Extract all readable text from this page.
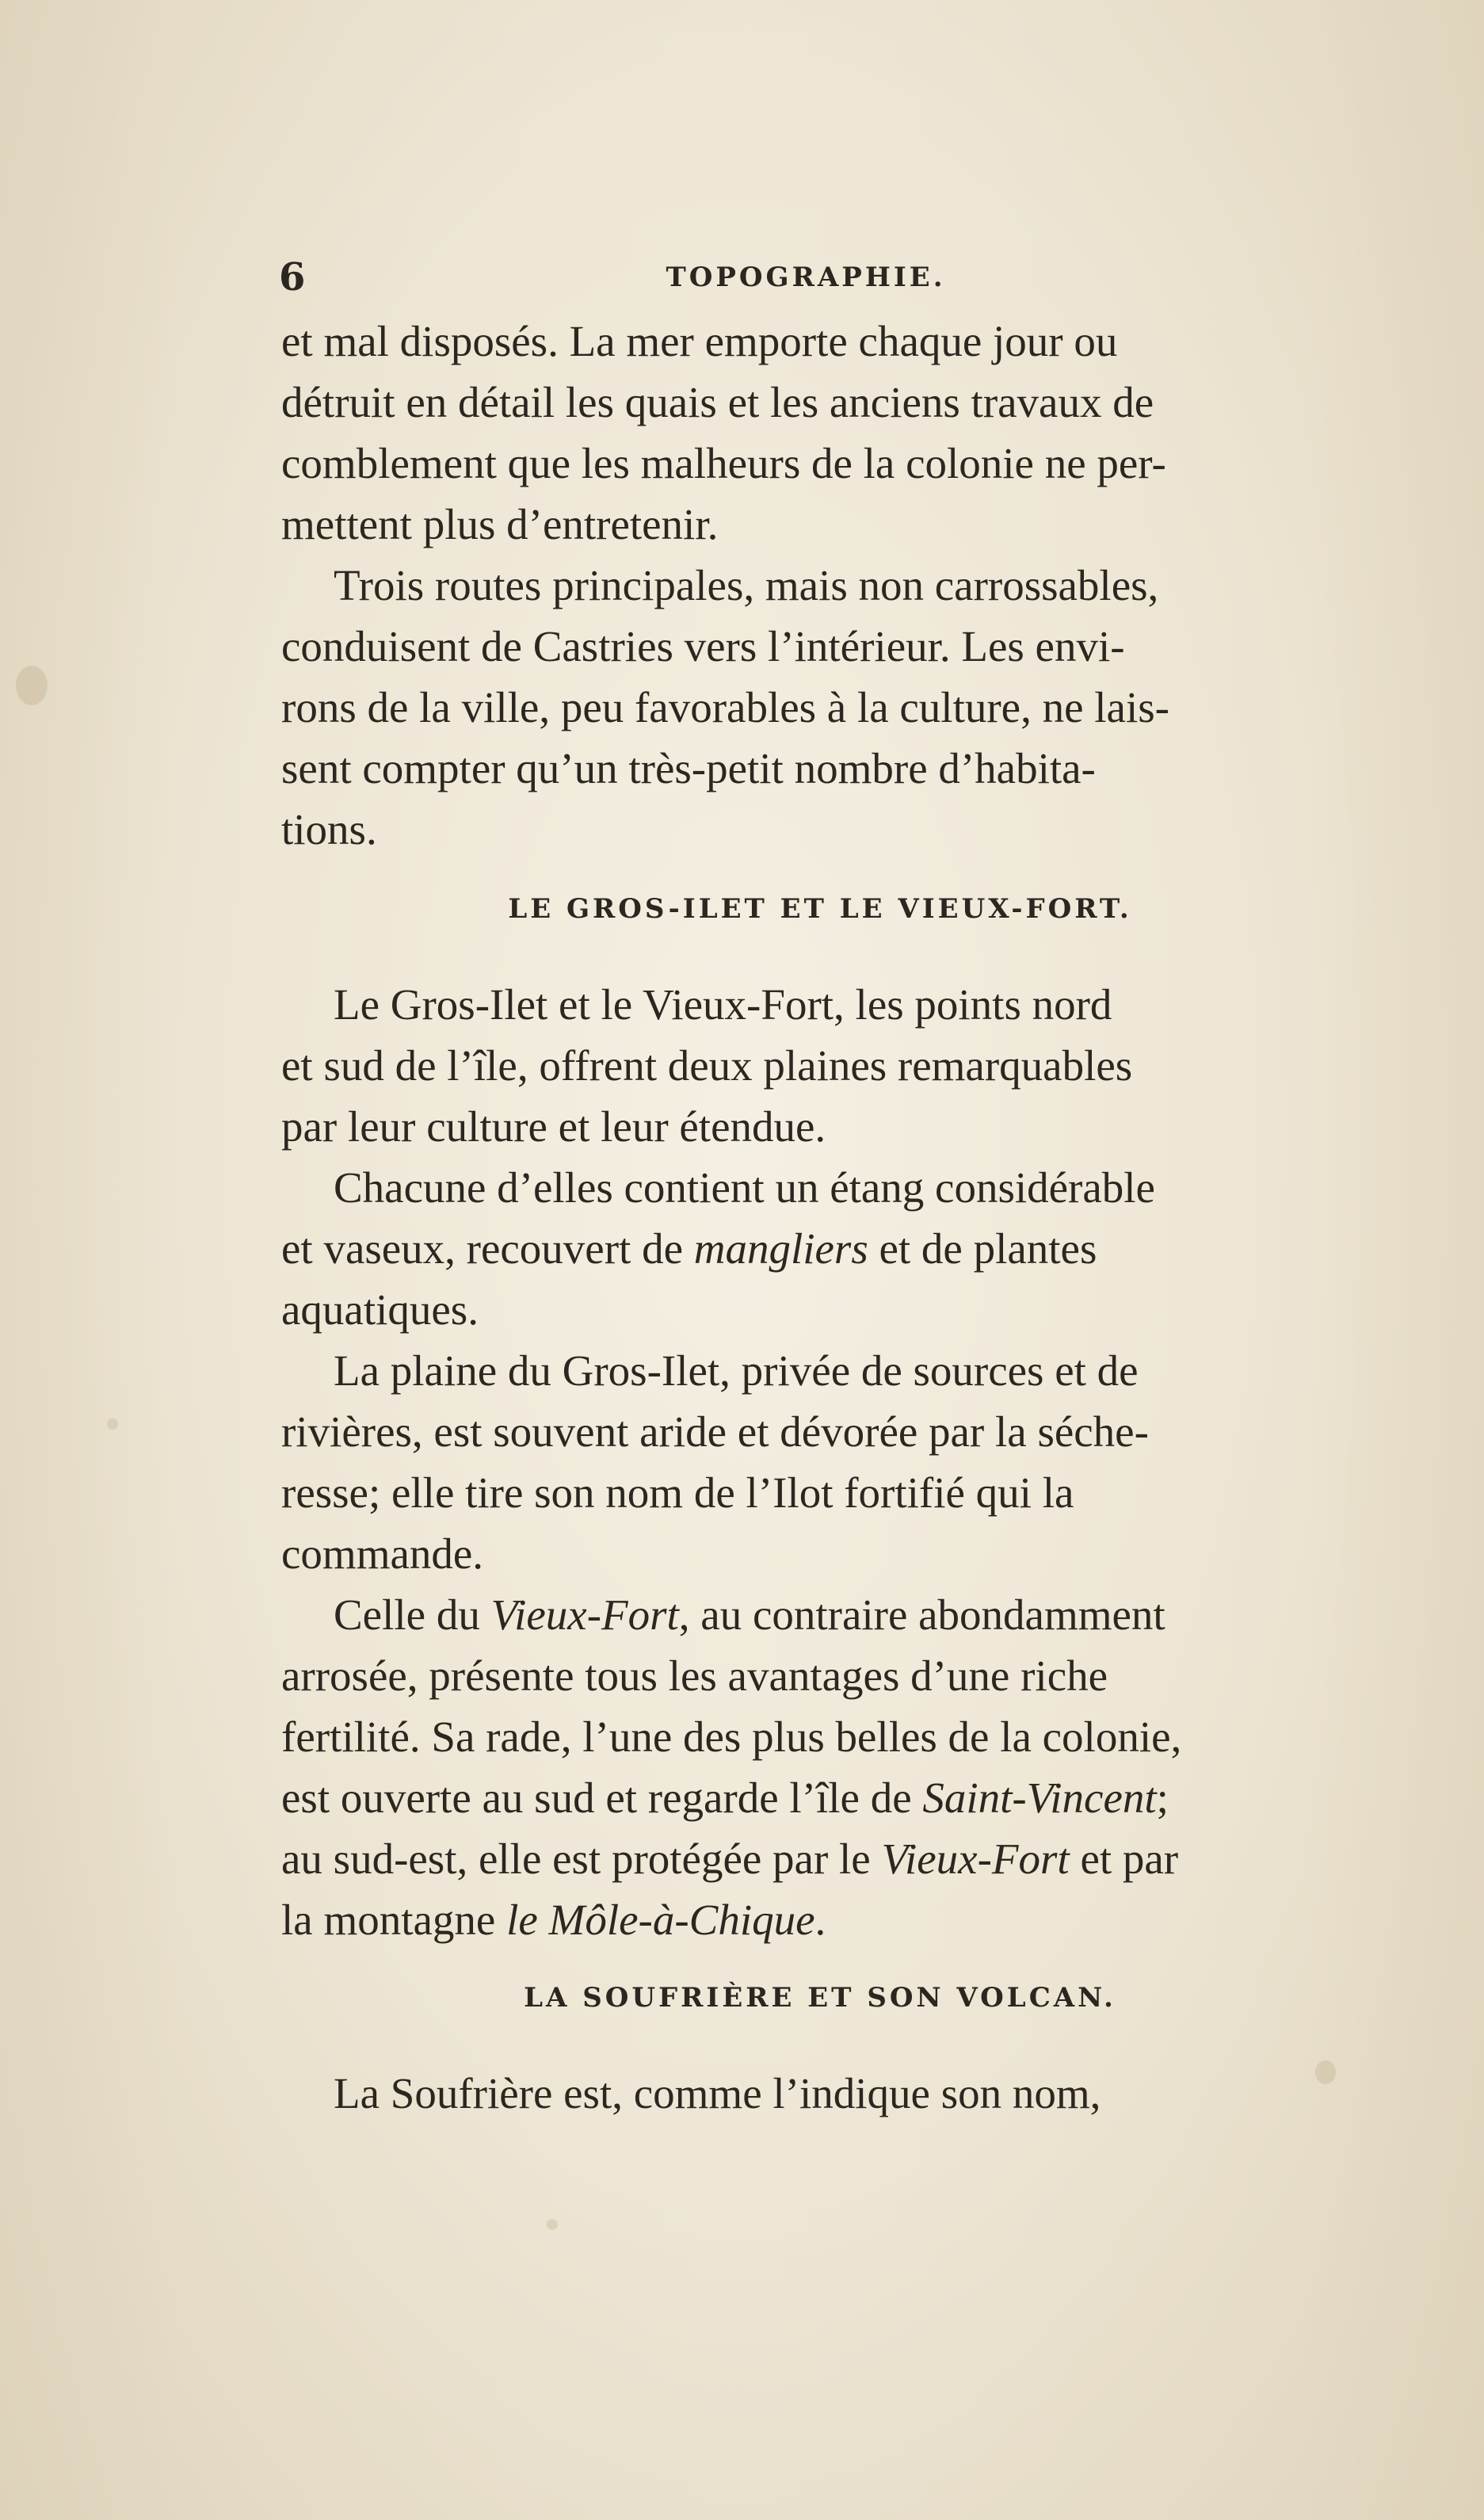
6	TOPOGRAPHIE.

et mal disposés. La mer emporte chaque jour ou
détruit en détail les quais et les anciens travaux de
comblement que les malheurs de la colonie ne per-
mettent plus d’entretenir.

Trois routes principales, mais non carrossables,
conduisent de Castries vers l’intérieur. Les envi-
rons de la ville, peu favorables à la culture, ne lais-
sent compter qu’un très-petit nombre d’habita-
tions.

LE GROS-ILET ET LE VIEUX-FORT.

Le Gros-Ilet et le Vieux-Fort, les points nord
et sud de l’île, offrent deux plaines remarquables
par leur culture et leur étendue.

Chacune d’elles contient un étang considérable
et vaseux, recouvert de mangliers et de plantes
aquatiques.

La plaine du Gros-Ilet, privée de sources et de
rivières, est souvent aride et dévorée par la séche-
resse; elle tire son nom de l’Ilot fortifié qui la
commande.

Celle du Vieux-Fort, au contraire abondamment
arrosée, présente tous les avantages d’une riche
fertilité. Sa rade, l’une des plus belles de la colonie,
est ouverte au sud et regarde l’île de Saint-Vincent;
au sud-est, elle est protégée par le Vieux-Fort et par
la montagne le Môle-à-Chique.

LA SOUFRIÈRE ET SON VOLCAN.

La Soufrière est, comme l’indique son nom,
